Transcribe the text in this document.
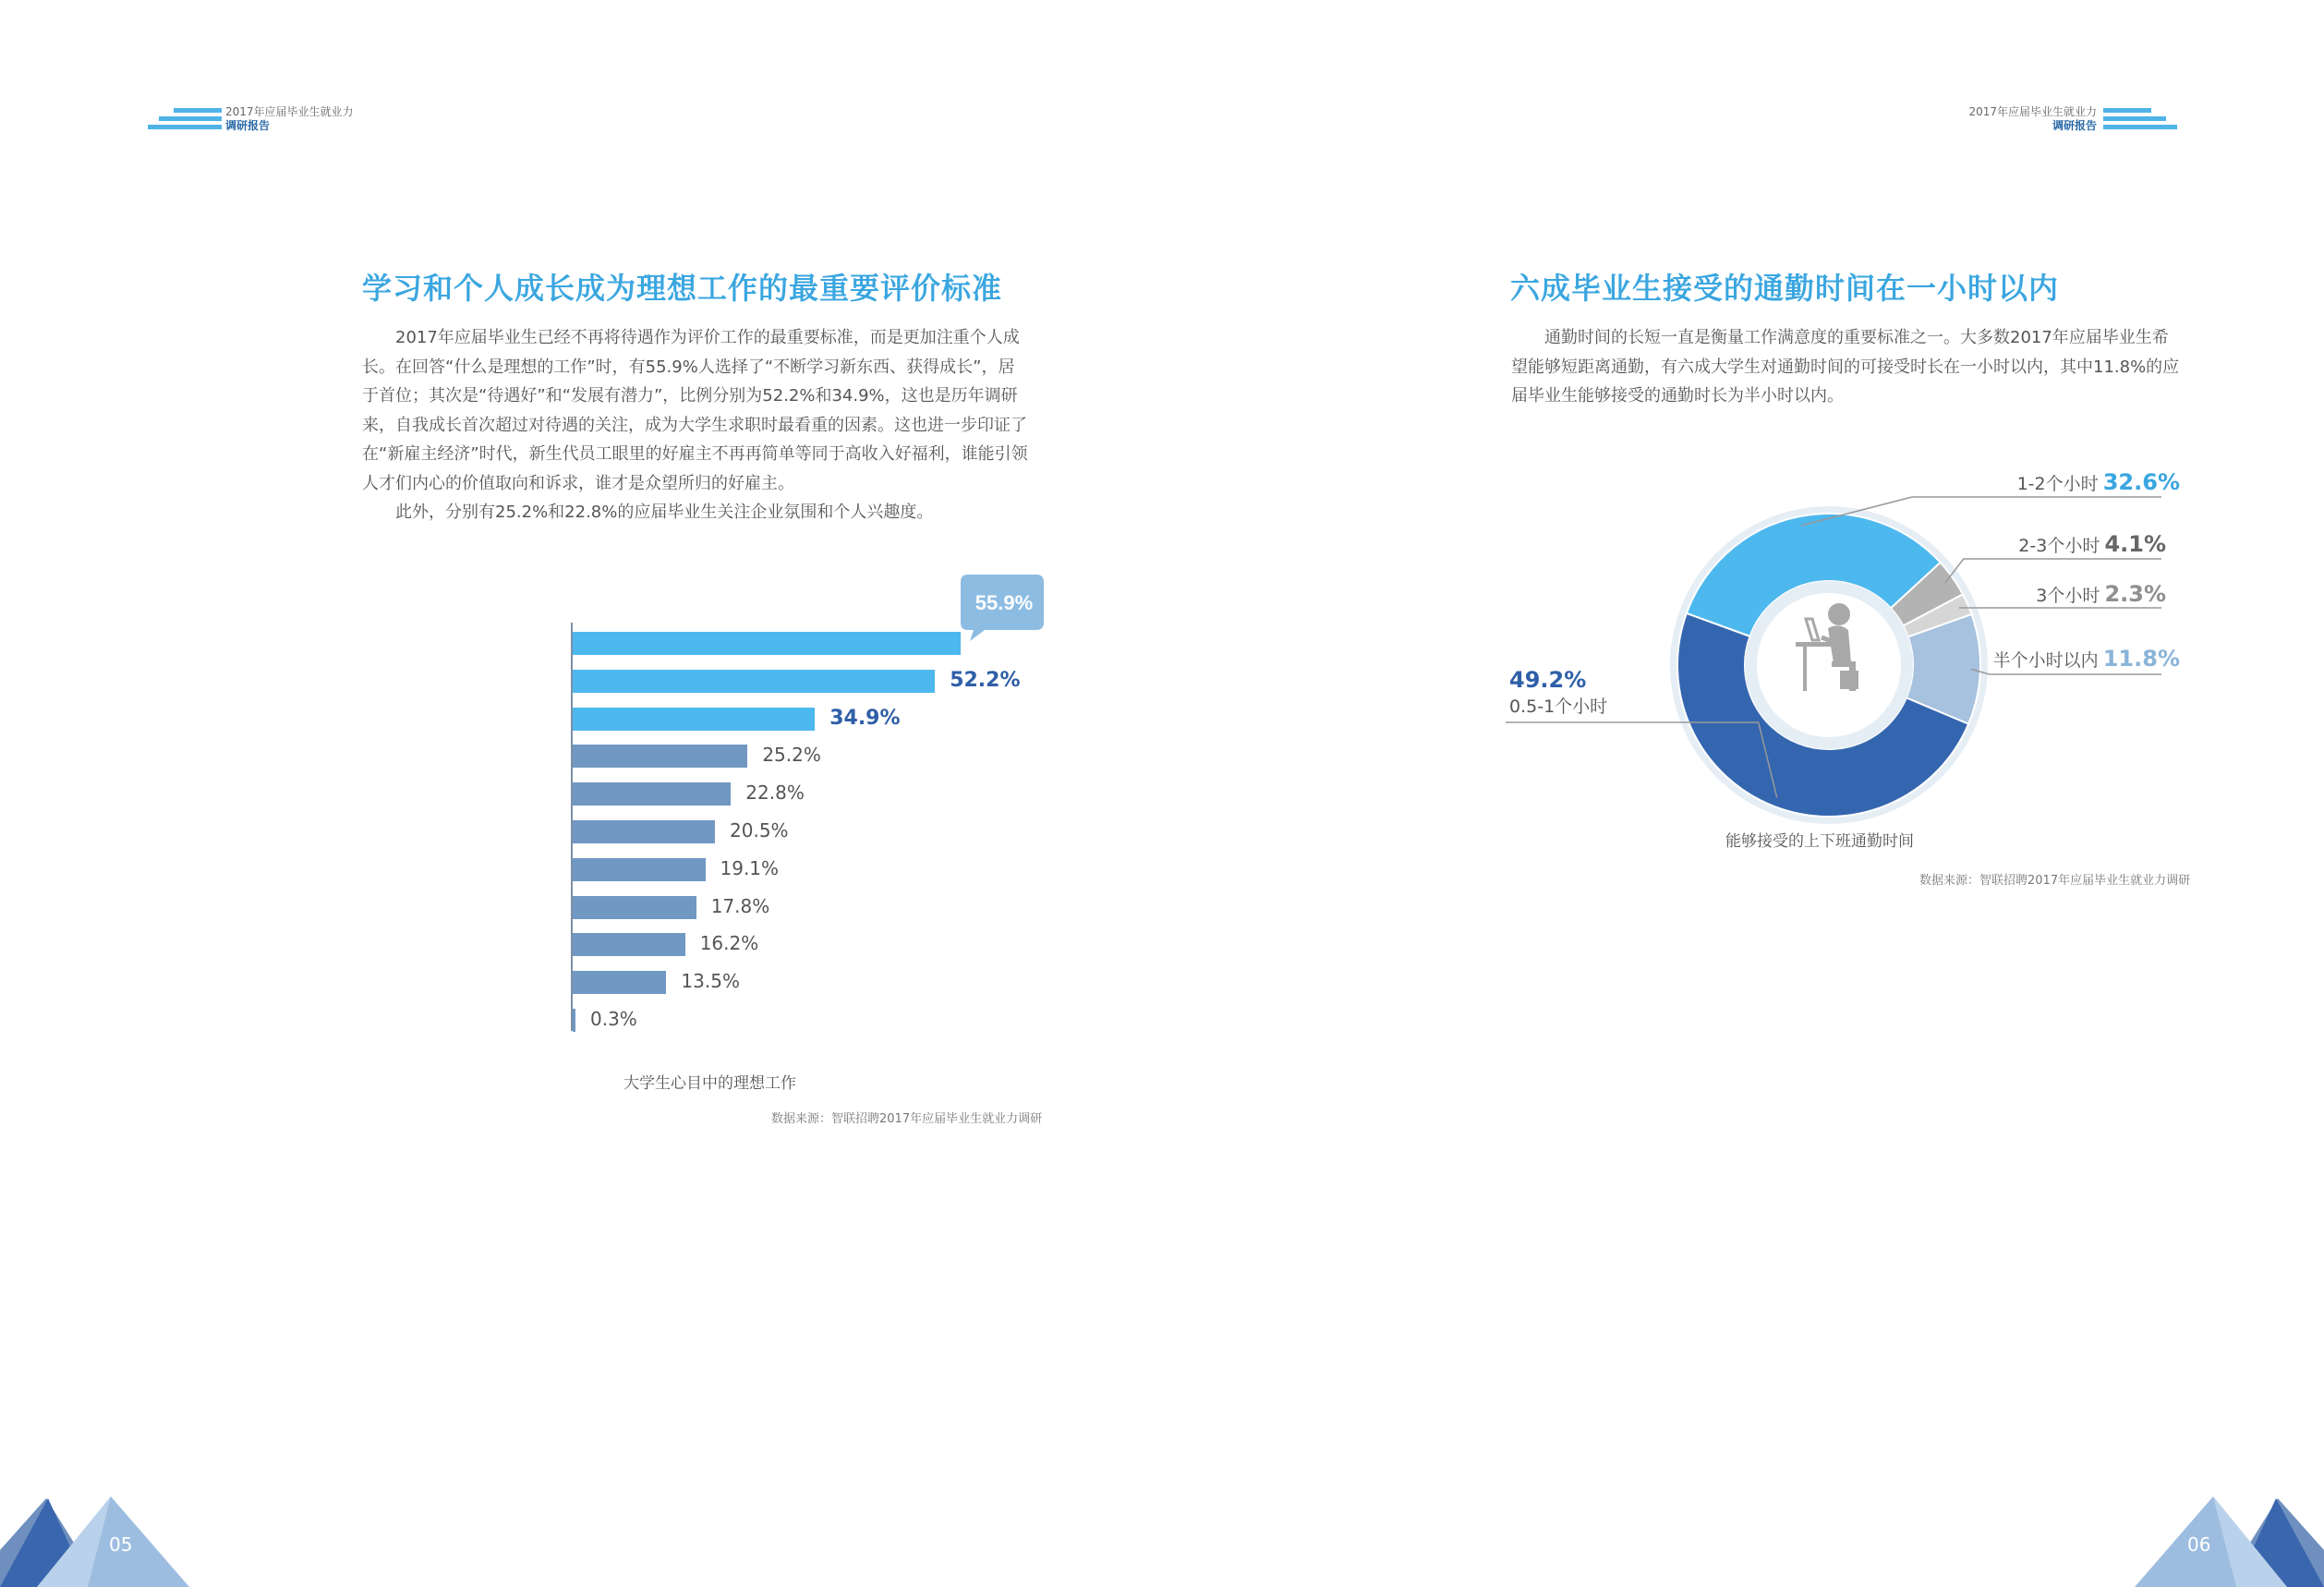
2017年应届毕业生就业力
调研报告
2017年应届毕业生就业力
调研报告
学习和个人成长成为理想工作的最重要评价标准

2017年应届毕业生已经不再将待遇作为评价工作的最重要标准，而是更加注重个人成长。在回答“什么是理想的工作”时，有55.9%人选择了“不断学习新东西、获得成长”，居于首位；其次是“待遇好”和“发展有潜力”，比例分别为52.2%和34.9%，这也是历年调研来，自我成长首次超过对待遇的关注，成为大学生求职时最看重的因素。这也进一步印证了在“新雇主经济”时代，新生代员工眼里的好雇主不再再简单等同于高收入好福利，谁能引领人才们内心的价值取向和诉求，谁才是众望所归的好雇主。

此外，分别有25.2%和22.8%的应届毕业生关注企业氛围和个人兴趣度。

52.2%
34.9%
25.2%
22.8%
20.5%
19.1%
17.8%
16.2%
13.5%
0.3%
55.9%
大学生心目中的理想工作
数据来源：智联招聘2017年应届毕业生就业力调研
六成毕业生接受的通勤时间在一小时以内

通勤时间的长短一直是衡量工作满意度的重要标准之一。大多数2017年应届毕业生希望能够短距离通勤，有六成大学生对通勤时间的可接受时长在一小时以内，其中11.8%的应届毕业生能够接受的通勤时长为半小时以内。

1-2个小时 32.6%
2-3个小时 4.1%
3个小时 2.3%
半个小时以内 11.8%
49.2%
0.5-1个小时
能够接受的上下班通勤时间
数据来源：智联招聘2017年应届毕业生就业力调研
05	06
